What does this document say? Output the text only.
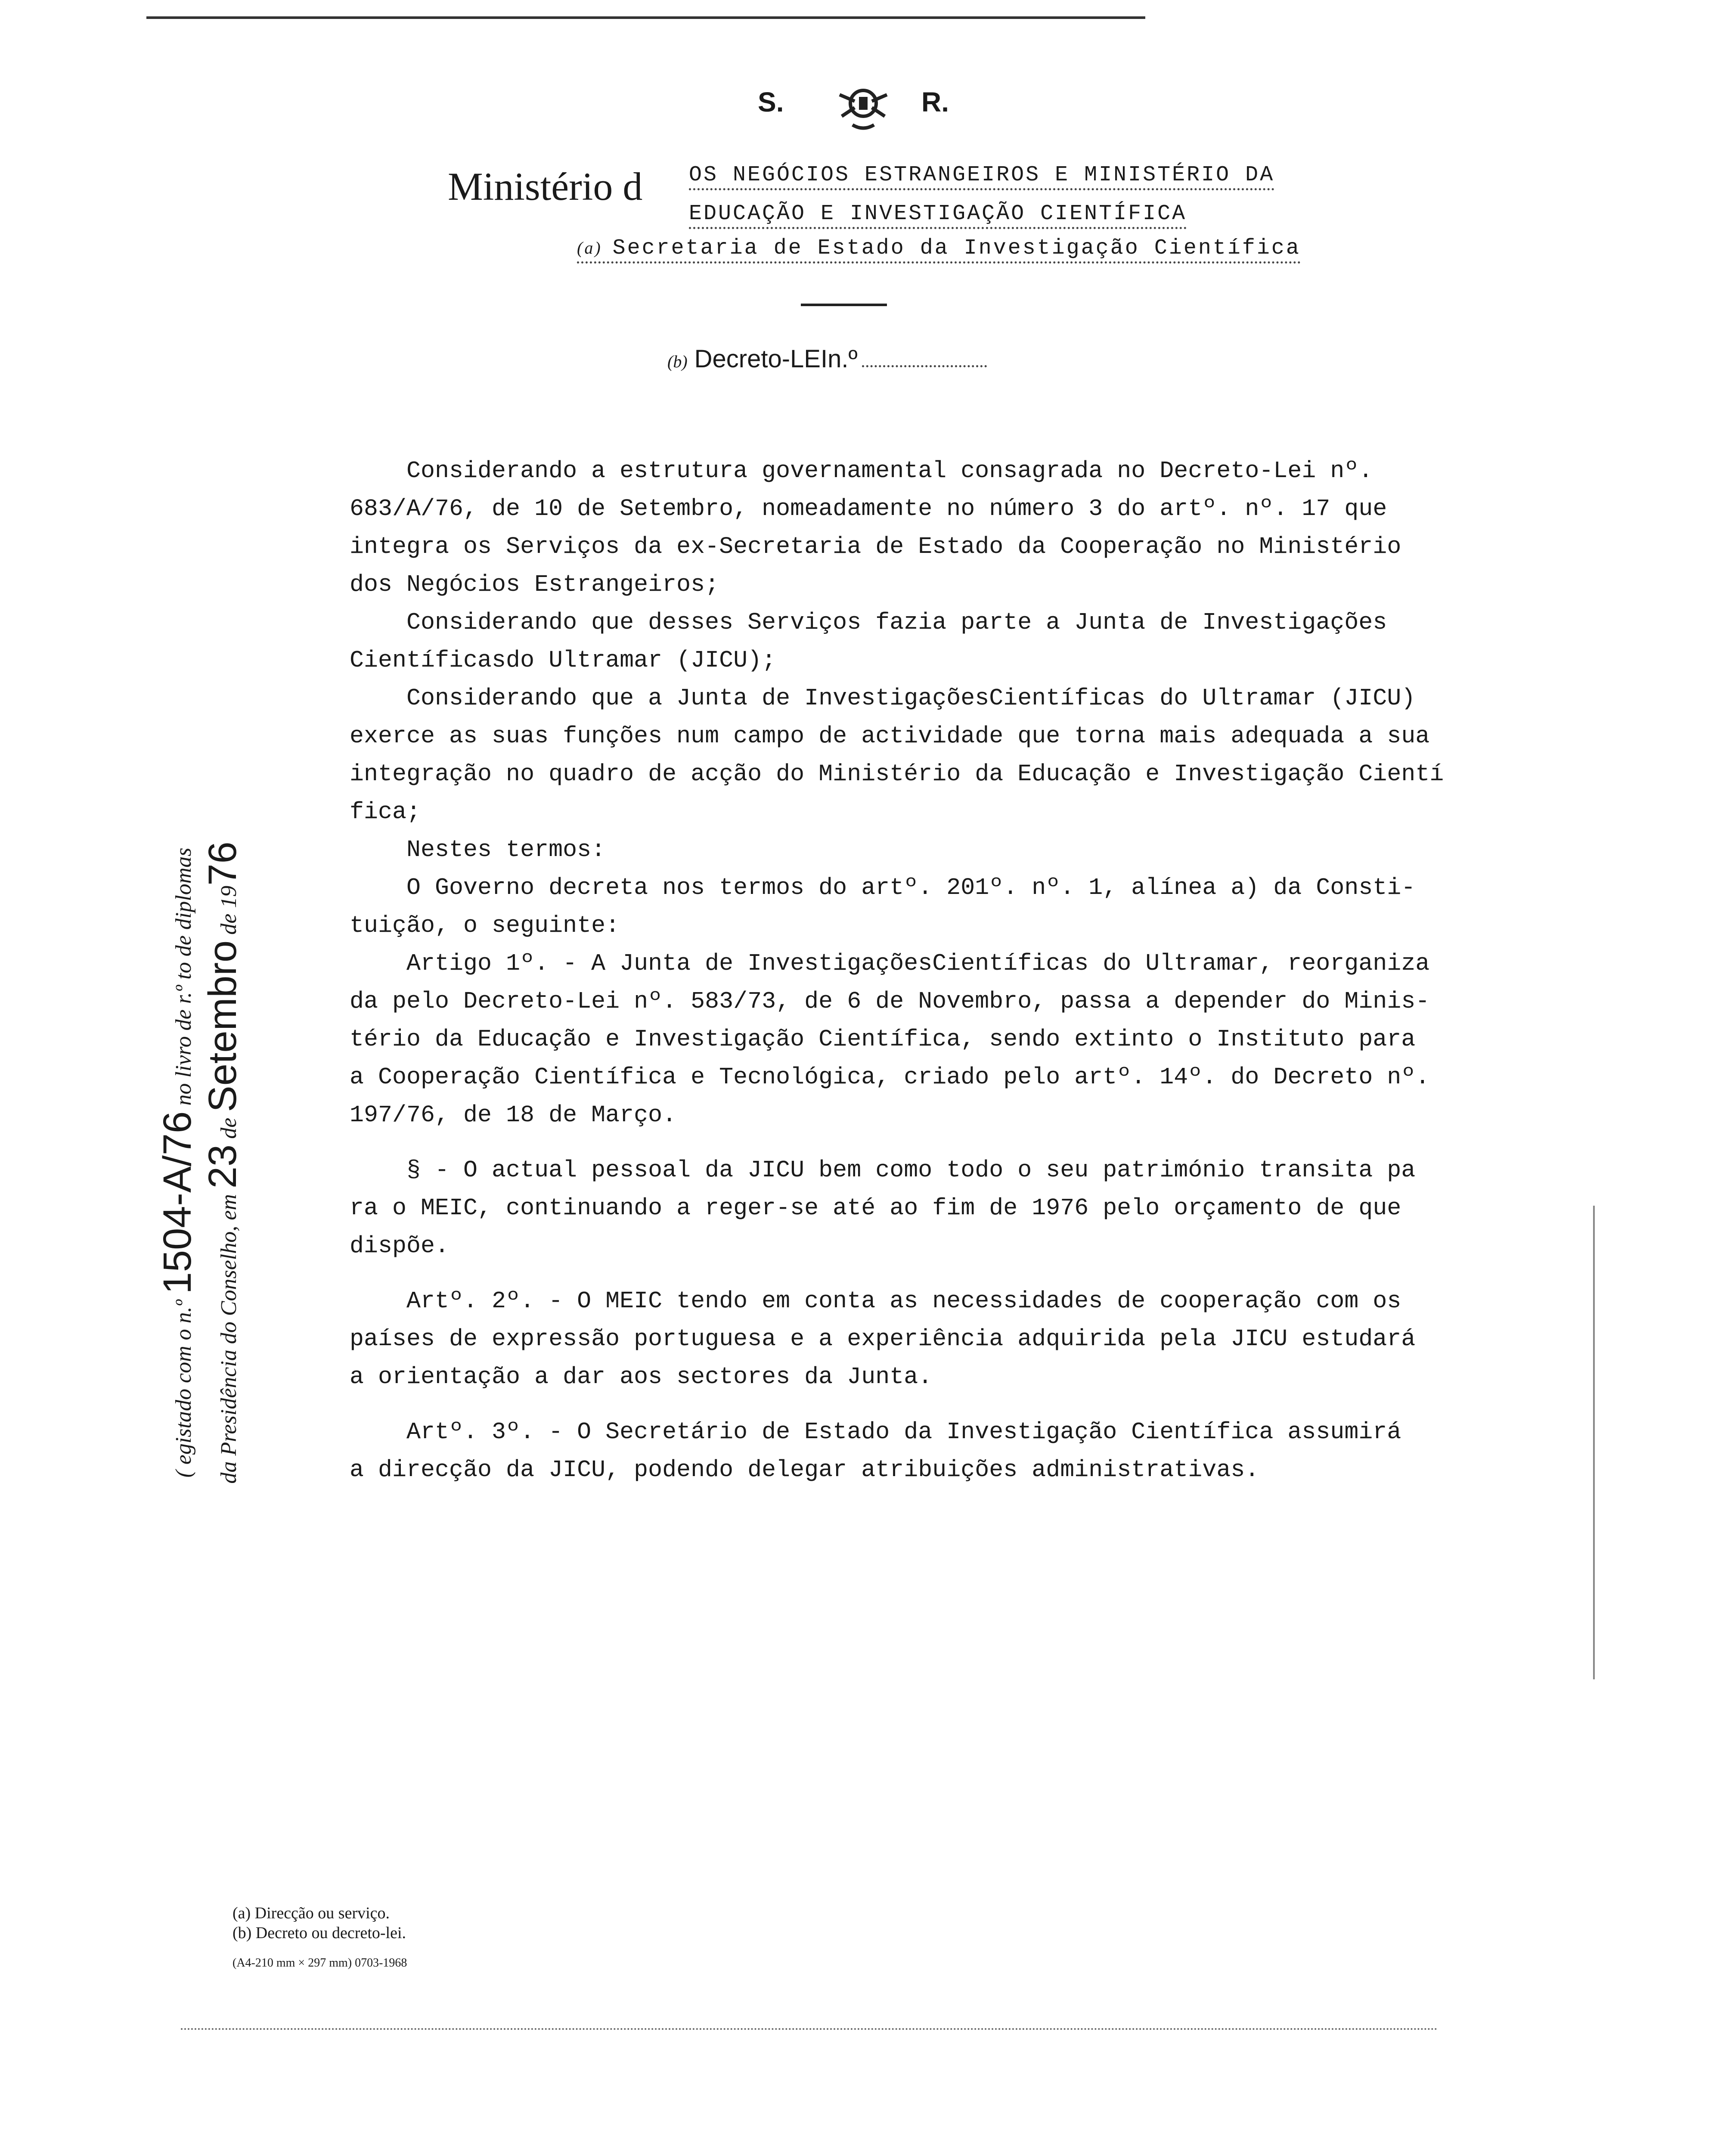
S.	R.
Ministério d OS NEGÓCIOS ESTRANGEIROS E MINISTÉRIO DA
EDUCAÇÃO E INVESTIGAÇÃO CIENTÍFICA
(a) Secretaria de Estado da Investigação Científica
(b) Decreto-LEIn.º
Considerando a estrutura governamental consagrada no Decreto-Lei nº.
683/A/76, de 10 de Setembro, nomeadamente no número 3 do artº. nº. 17 que
integra os Serviços da ex-Secretaria de Estado da Cooperação no Ministério
dos Negócios Estrangeiros;
Considerando que desses Serviços fazia parte a Junta de Investigações
Científicasdo Ultramar (JICU);
Considerando que a Junta de InvestigaçõesCientíficas do Ultramar (JICU)
exerce as suas funções num campo de actividade que torna mais adequada a sua
integração no quadro de acção do Ministério da Educação e Investigação Cientí
fica;
Nestes termos:
O Governo decreta nos termos do artº. 201º. nº. 1, alínea a) da Consti-
tuição, o seguinte:
Artigo 1º. - A Junta de InvestigaçõesCientíficas do Ultramar, reorganiza
da pelo Decreto-Lei nº. 583/73, de 6 de Novembro, passa a depender do Minis-
tério da Educação e Investigação Científica, sendo extinto o Instituto para
a Cooperação Científica e Tecnológica, criado pelo artº. 14º. do Decreto nº.
197/76, de 18 de Março.
§ - O actual pessoal da JICU bem como todo o seu património transita pa
ra o MEIC, continuando a reger-se até ao fim de 1976 pelo orçamento de que
dispõe.
Artº. 2º. - O MEIC tendo em conta as necessidades de cooperação com os
países de expressão portuguesa e a experiência adquirida pela JICU estudará
a orientação a dar aos sectores da Junta.
Artº. 3º. - O Secretário de Estado da Investigação Científica assumirá
a direcção da JICU, podendo delegar atribuições administrativas.
( egistado com o n.º 1504-A/76 no livro de r.º to de diplomas
da Presidência do Conselho, em 23 de Setembro de 1976
(a) Direcção ou serviço.
(b) Decreto ou decreto-lei.
(A4-210 mm × 297 mm) 0703-1968
